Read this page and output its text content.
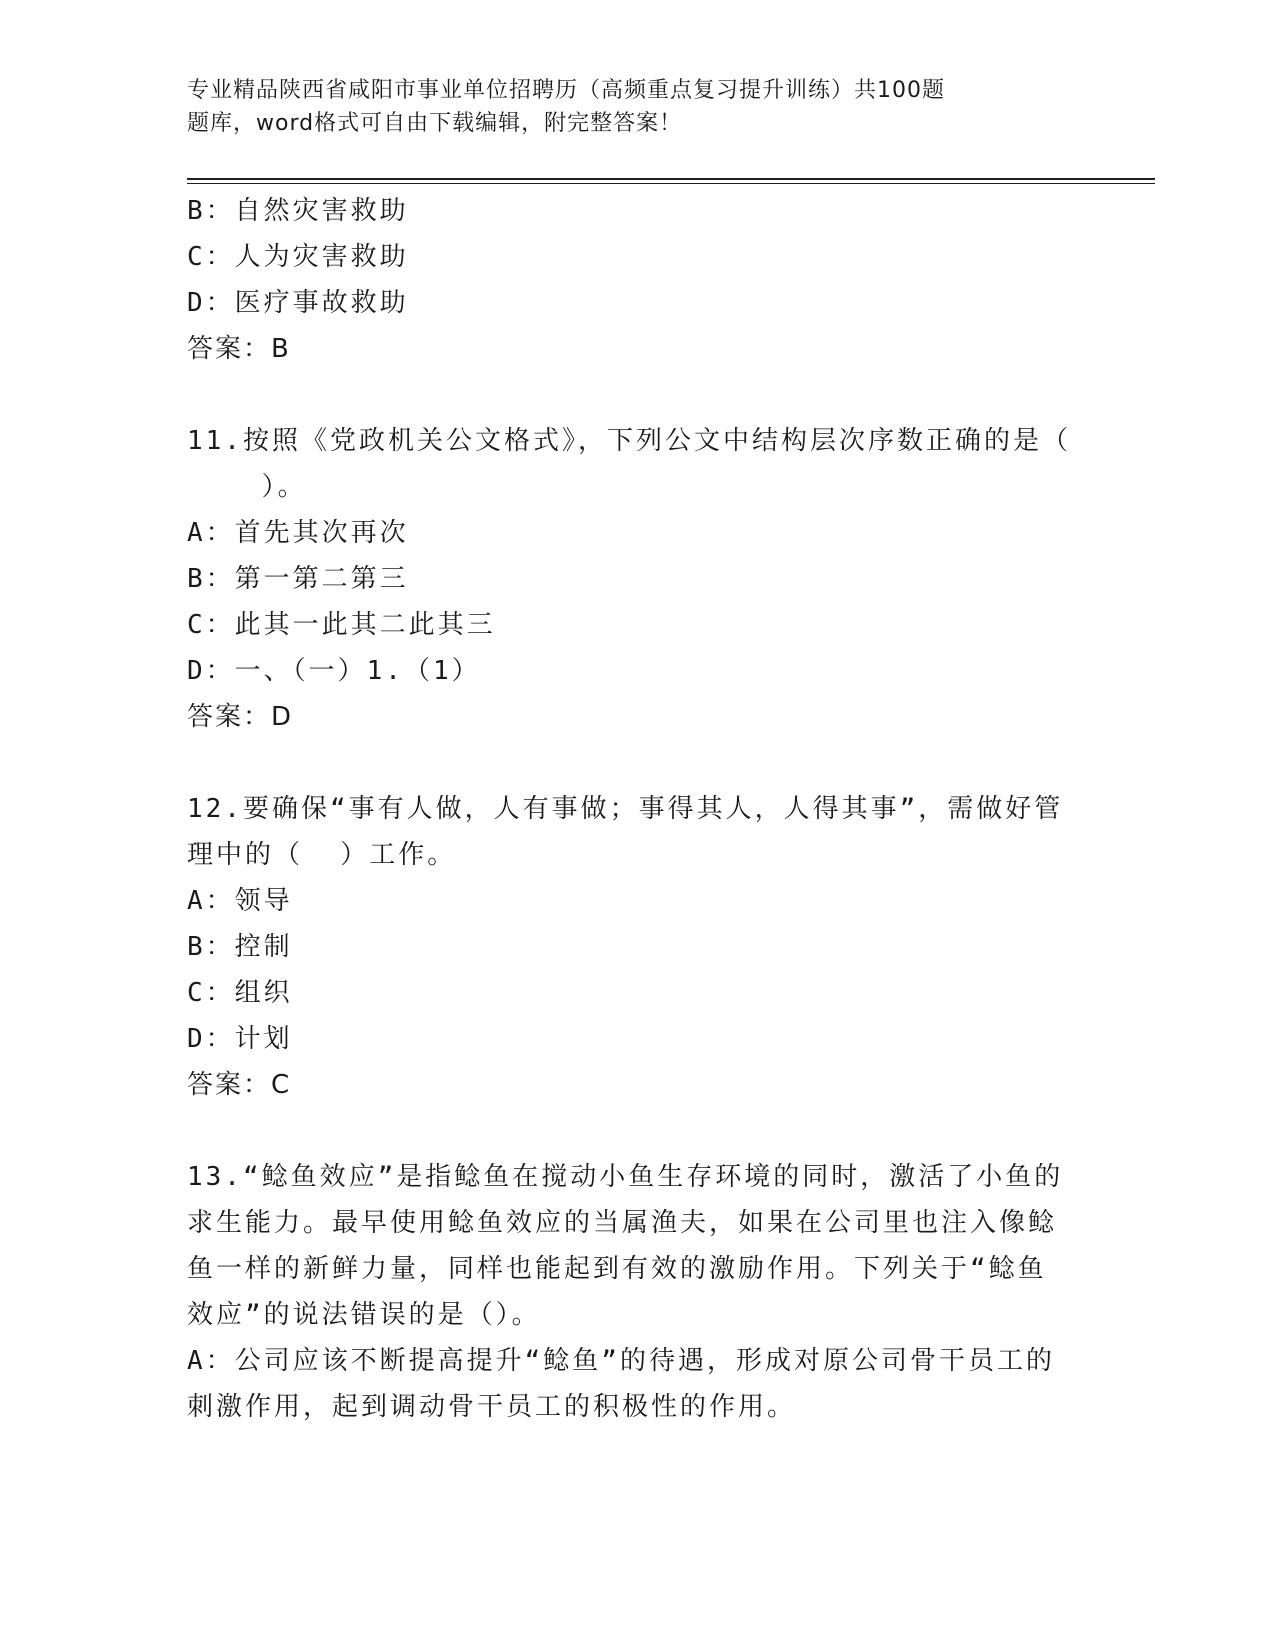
专业精品陕西省咸阳市事业单位招聘历（高频重点复习提升训练）共100题
题库，word格式可自由下载编辑，附完整答案！
B：自然灾害救助
C：人为灾害救助
D：医疗事故救助
答案：B
11.按照《党政机关公文格式》，下列公文中结构层次序数正确的是（
）。
A：首先其次再次
B：第一第二第三
C：此其一此其二此其三
D：一、（一）1.（1）
答案：D
12.要确保“事有人做，人有事做；事得其人，人得其事”，需做好管
理中的（  ）工作。
A：领导
B：控制
C：组织
D：计划
答案：C
13.“鲶鱼效应”是指鲶鱼在搅动小鱼生存环境的同时，激活了小鱼的
求生能力。最早使用鲶鱼效应的当属渔夫，如果在公司里也注入像鲶
鱼一样的新鲜力量，同样也能起到有效的激励作用。下列关于“鲶鱼
效应”的说法错误的是（）。
A：公司应该不断提高提升“鲶鱼”的待遇，形成对原公司骨干员工的
刺激作用，起到调动骨干员工的积极性的作用。
